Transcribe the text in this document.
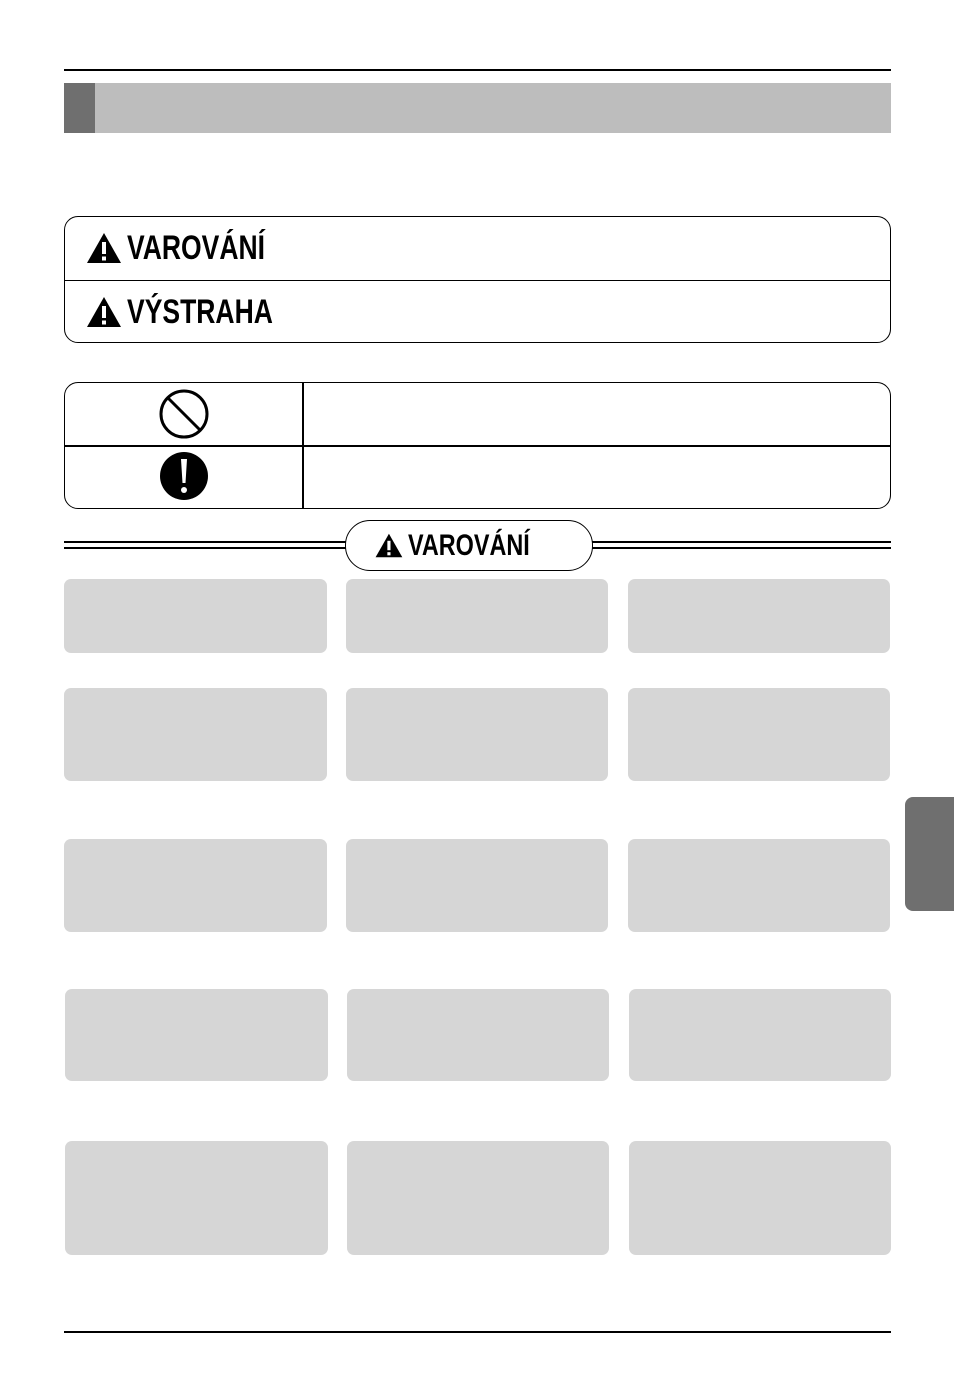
VAROVÁNÍ
VÝSTRAHA
VAROVÁNÍ
